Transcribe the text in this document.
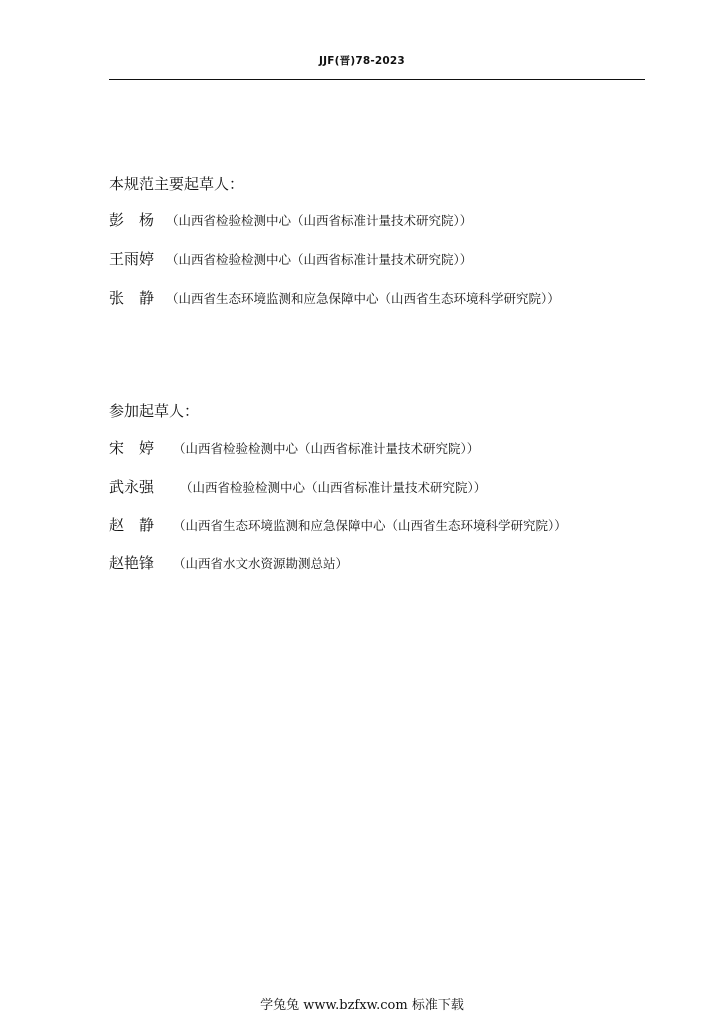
JJF(晋)78-2023
本规范主要起草人：
彭　杨 （山西省检验检测中心（山西省标准计量技术研究院））
王雨婷 （山西省检验检测中心（山西省标准计量技术研究院））
张　静 （山西省生态环境监测和应急保障中心（山西省生态环境科学研究院））
参加起草人：
宋　婷 （山西省检验检测中心（山西省标准计量技术研究院））
武永强 （山西省检验检测中心（山西省标准计量技术研究院））
赵　静 （山西省生态环境监测和应急保障中心（山西省生态环境科学研究院））
赵艳锋 （山西省水文水资源勘测总站）
学兔兔 www.bzfxw.com 标准下载
